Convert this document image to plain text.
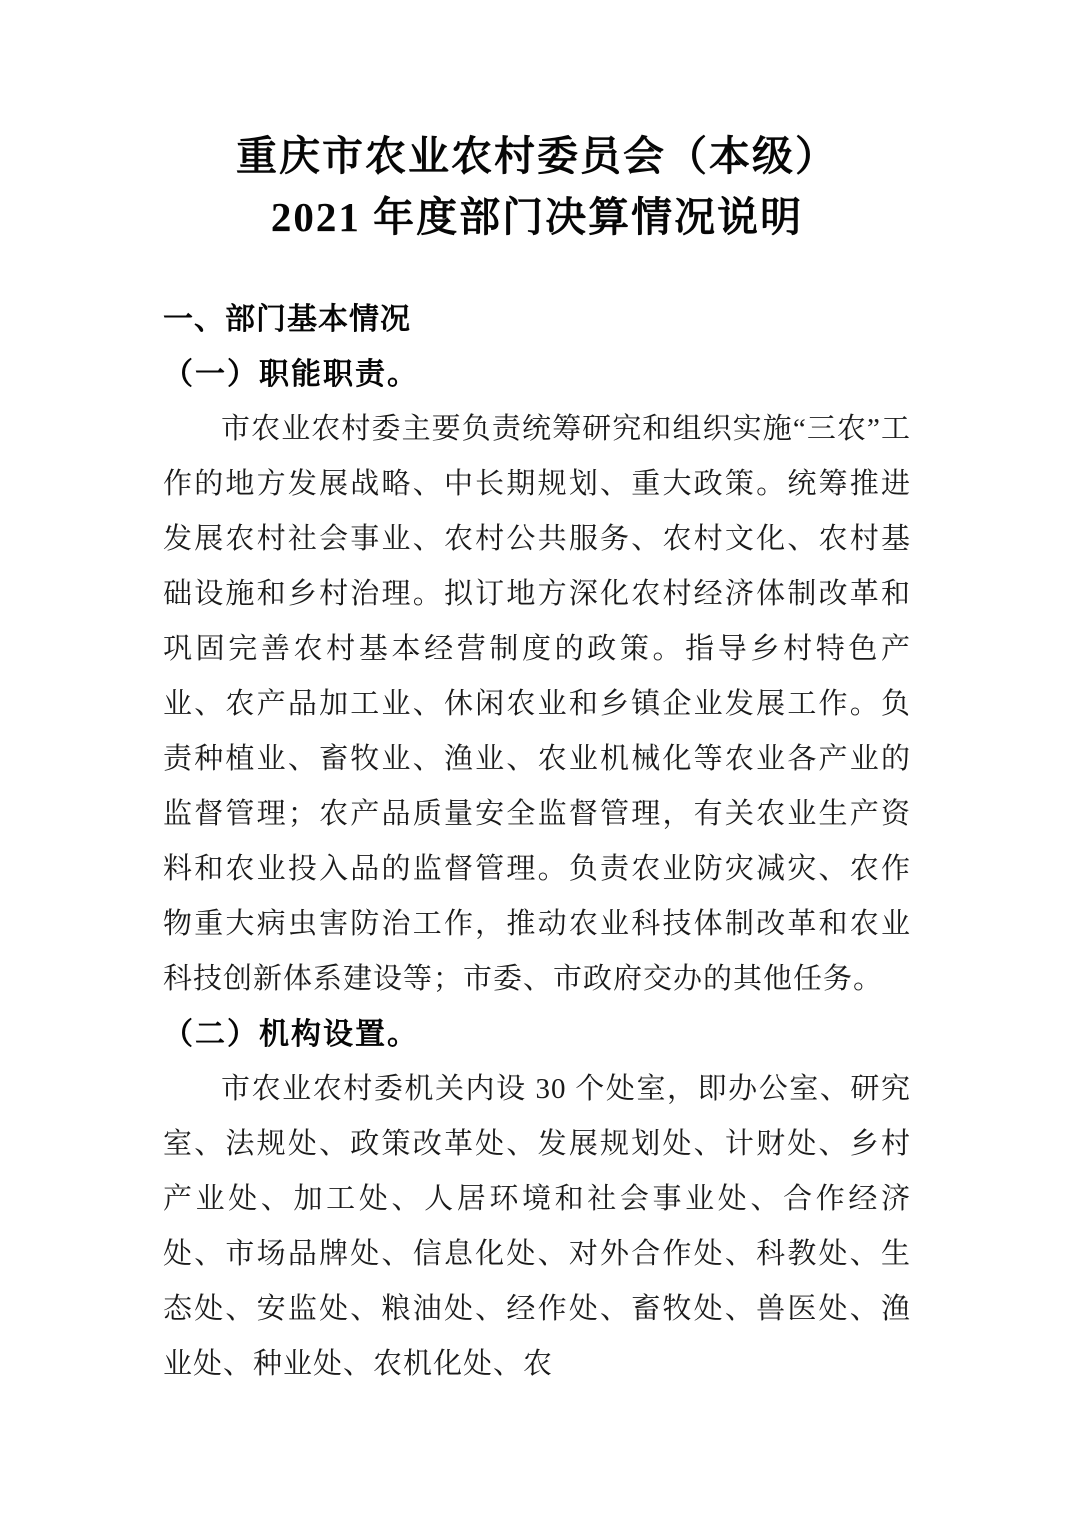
重庆市农业农村委员会（本级）
2021 年度部门决算情况说明
一、部门基本情况
（一）职能职责。

市农业农村委主要负责统筹研究和组织实施“三农”工作的地方发展战略、中长期规划、重大政策。统筹推进发展农村社会事业、农村公共服务、农村文化、农村基础设施和乡村治理。拟订地方深化农村经济体制改革和巩固完善农村基本经营制度的政策。指导乡村特色产业、农产品加工业、休闲农业和乡镇企业发展工作。负责种植业、畜牧业、渔业、农业机械化等农业各产业的监督管理；农产品质量安全监督管理，有关农业生产资料和农业投入品的监督管理。负责农业防灾减灾、农作物重大病虫害防治工作，推动农业科技体制改革和农业科技创新体系建设等；市委、市政府交办的其他任务。

（二）机构设置。

市农业农村委机关内设 30 个处室，即办公室、研究室、法规处、政策改革处、发展规划处、计财处、乡村产业处、加工处、人居环境和社会事业处、合作经济处、市场品牌处、信息化处、对外合作处、科教处、生态处、安监处、粮油处、经作处、畜牧处、兽医处、渔业处、种业处、农机化处、农
